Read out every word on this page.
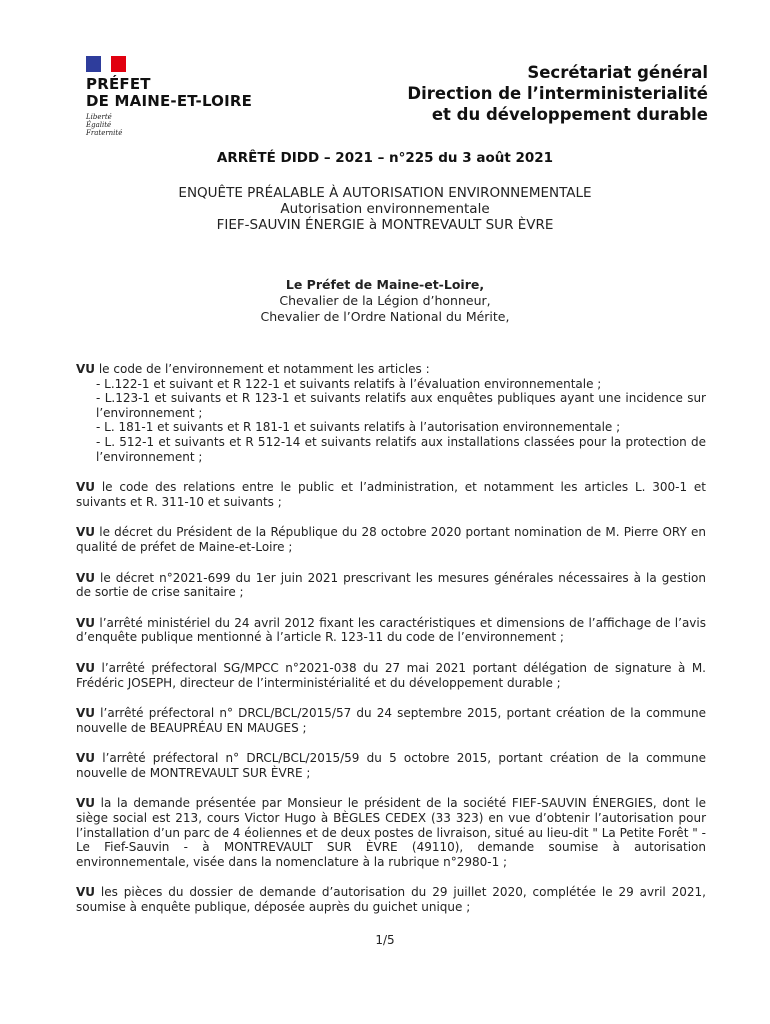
PRÉFET
DE MAINE-ET-LOIRE
Liberté
Égalité
Fraternité
Secrétariat général
Direction de l’interministerialité
et du développement durable
ARRÊTÉ DIDD – 2021 – n°225 du 3 août 2021
ENQUÊTE PRÉALABLE À AUTORISATION ENVIRONNEMENTALE
Autorisation environnementale
FIEF-SAUVIN ÉNERGIE à MONTREVAULT SUR ÈVRE
Le Préfet de Maine-et-Loire,
Chevalier de la Légion d’honneur,
Chevalier de l’Ordre National du Mérite,
VU le code de l’environnement et notamment les articles :
- L.122-1 et suivant et R 122-1 et suivants relatifs à l’évaluation environnementale ;
- L.123-1 et suivants et R 123-1 et suivants relatifs aux enquêtes publiques ayant une incidence sur l’environnement ;
- L. 181-1 et suivants et R 181-1 et suivants relatifs à l’autorisation environnementale ;
- L. 512-1 et suivants et R 512-14 et suivants relatifs aux installations classées pour la protection de l’environnement ;
VU le code des relations entre le public et l’administration, et notamment les articles L. 300-1 et suivants et R. 311-10 et suivants ;
VU le décret du Président de la République du 28 octobre 2020 portant nomination de M. Pierre ORY en qualité de préfet de Maine-et-Loire ;
VU le décret n°2021-699 du 1er juin 2021 prescrivant les mesures générales nécessaires à la gestion de sortie de crise sanitaire ;
VU l’arrêté ministériel du 24 avril 2012 fixant les caractéristiques et dimensions de l’affichage de l’avis d’enquête publique mentionné à l’article R. 123-11 du code de l’environnement ;
VU l’arrêté préfectoral SG/MPCC n°2021-038 du 27 mai 2021 portant délégation de signature à M. Frédéric JOSEPH, directeur de l’interministérialité et du développement durable ;
VU l’arrêté préfectoral n° DRCL/BCL/2015/57 du 24 septembre 2015, portant création de la commune nouvelle de BEAUPRÉAU EN MAUGES ;
VU l’arrêté préfectoral n° DRCL/BCL/2015/59 du 5 octobre 2015, portant création de la commune nouvelle de MONTREVAULT SUR ÈVRE ;
VU la la demande présentée par Monsieur le président de la société FIEF-SAUVIN ÉNERGIES, dont le siège social est 213, cours Victor Hugo à BÈGLES CEDEX (33 323) en vue d’obtenir l’autorisation pour l’installation d’un parc de 4 éoliennes et de deux postes de livraison, situé au lieu-dit " La Petite Forêt " - Le Fief-Sauvin - à MONTREVAULT SUR ÈVRE (49110), demande soumise à autorisation environnementale, visée dans la nomenclature à la rubrique n°2980-1 ;
VU les pièces du dossier de demande d’autorisation du 29 juillet 2020, complétée le 29 avril 2021, soumise à enquête publique, déposée auprès du guichet unique ;
1/5
